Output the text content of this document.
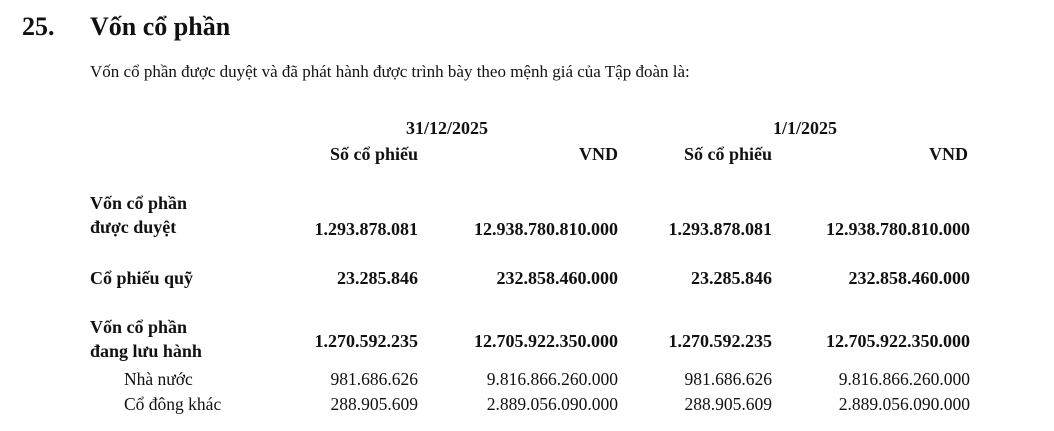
25. Vốn cổ phần
Vốn cổ phần được duyệt và đã phát hành được trình bày theo mệnh giá của Tập đoàn là:
31/12/2025	1/1/2025
Số cổ phiếu	VND	Số cổ phiếu	VND
Vốn cổ phần
được duyệt	1.293.878.081	12.938.780.810.000	1.293.878.081	12.938.780.810.000
Cổ phiếu quỹ	23.285.846	232.858.460.000	23.285.846	232.858.460.000
Vốn cổ phần
đang lưu hành	1.270.592.235	12.705.922.350.000	1.270.592.235	12.705.922.350.000
Nhà nước	981.686.626	9.816.866.260.000	981.686.626	9.816.866.260.000
Cổ đông khác	288.905.609	2.889.056.090.000	288.905.609	2.889.056.090.000
